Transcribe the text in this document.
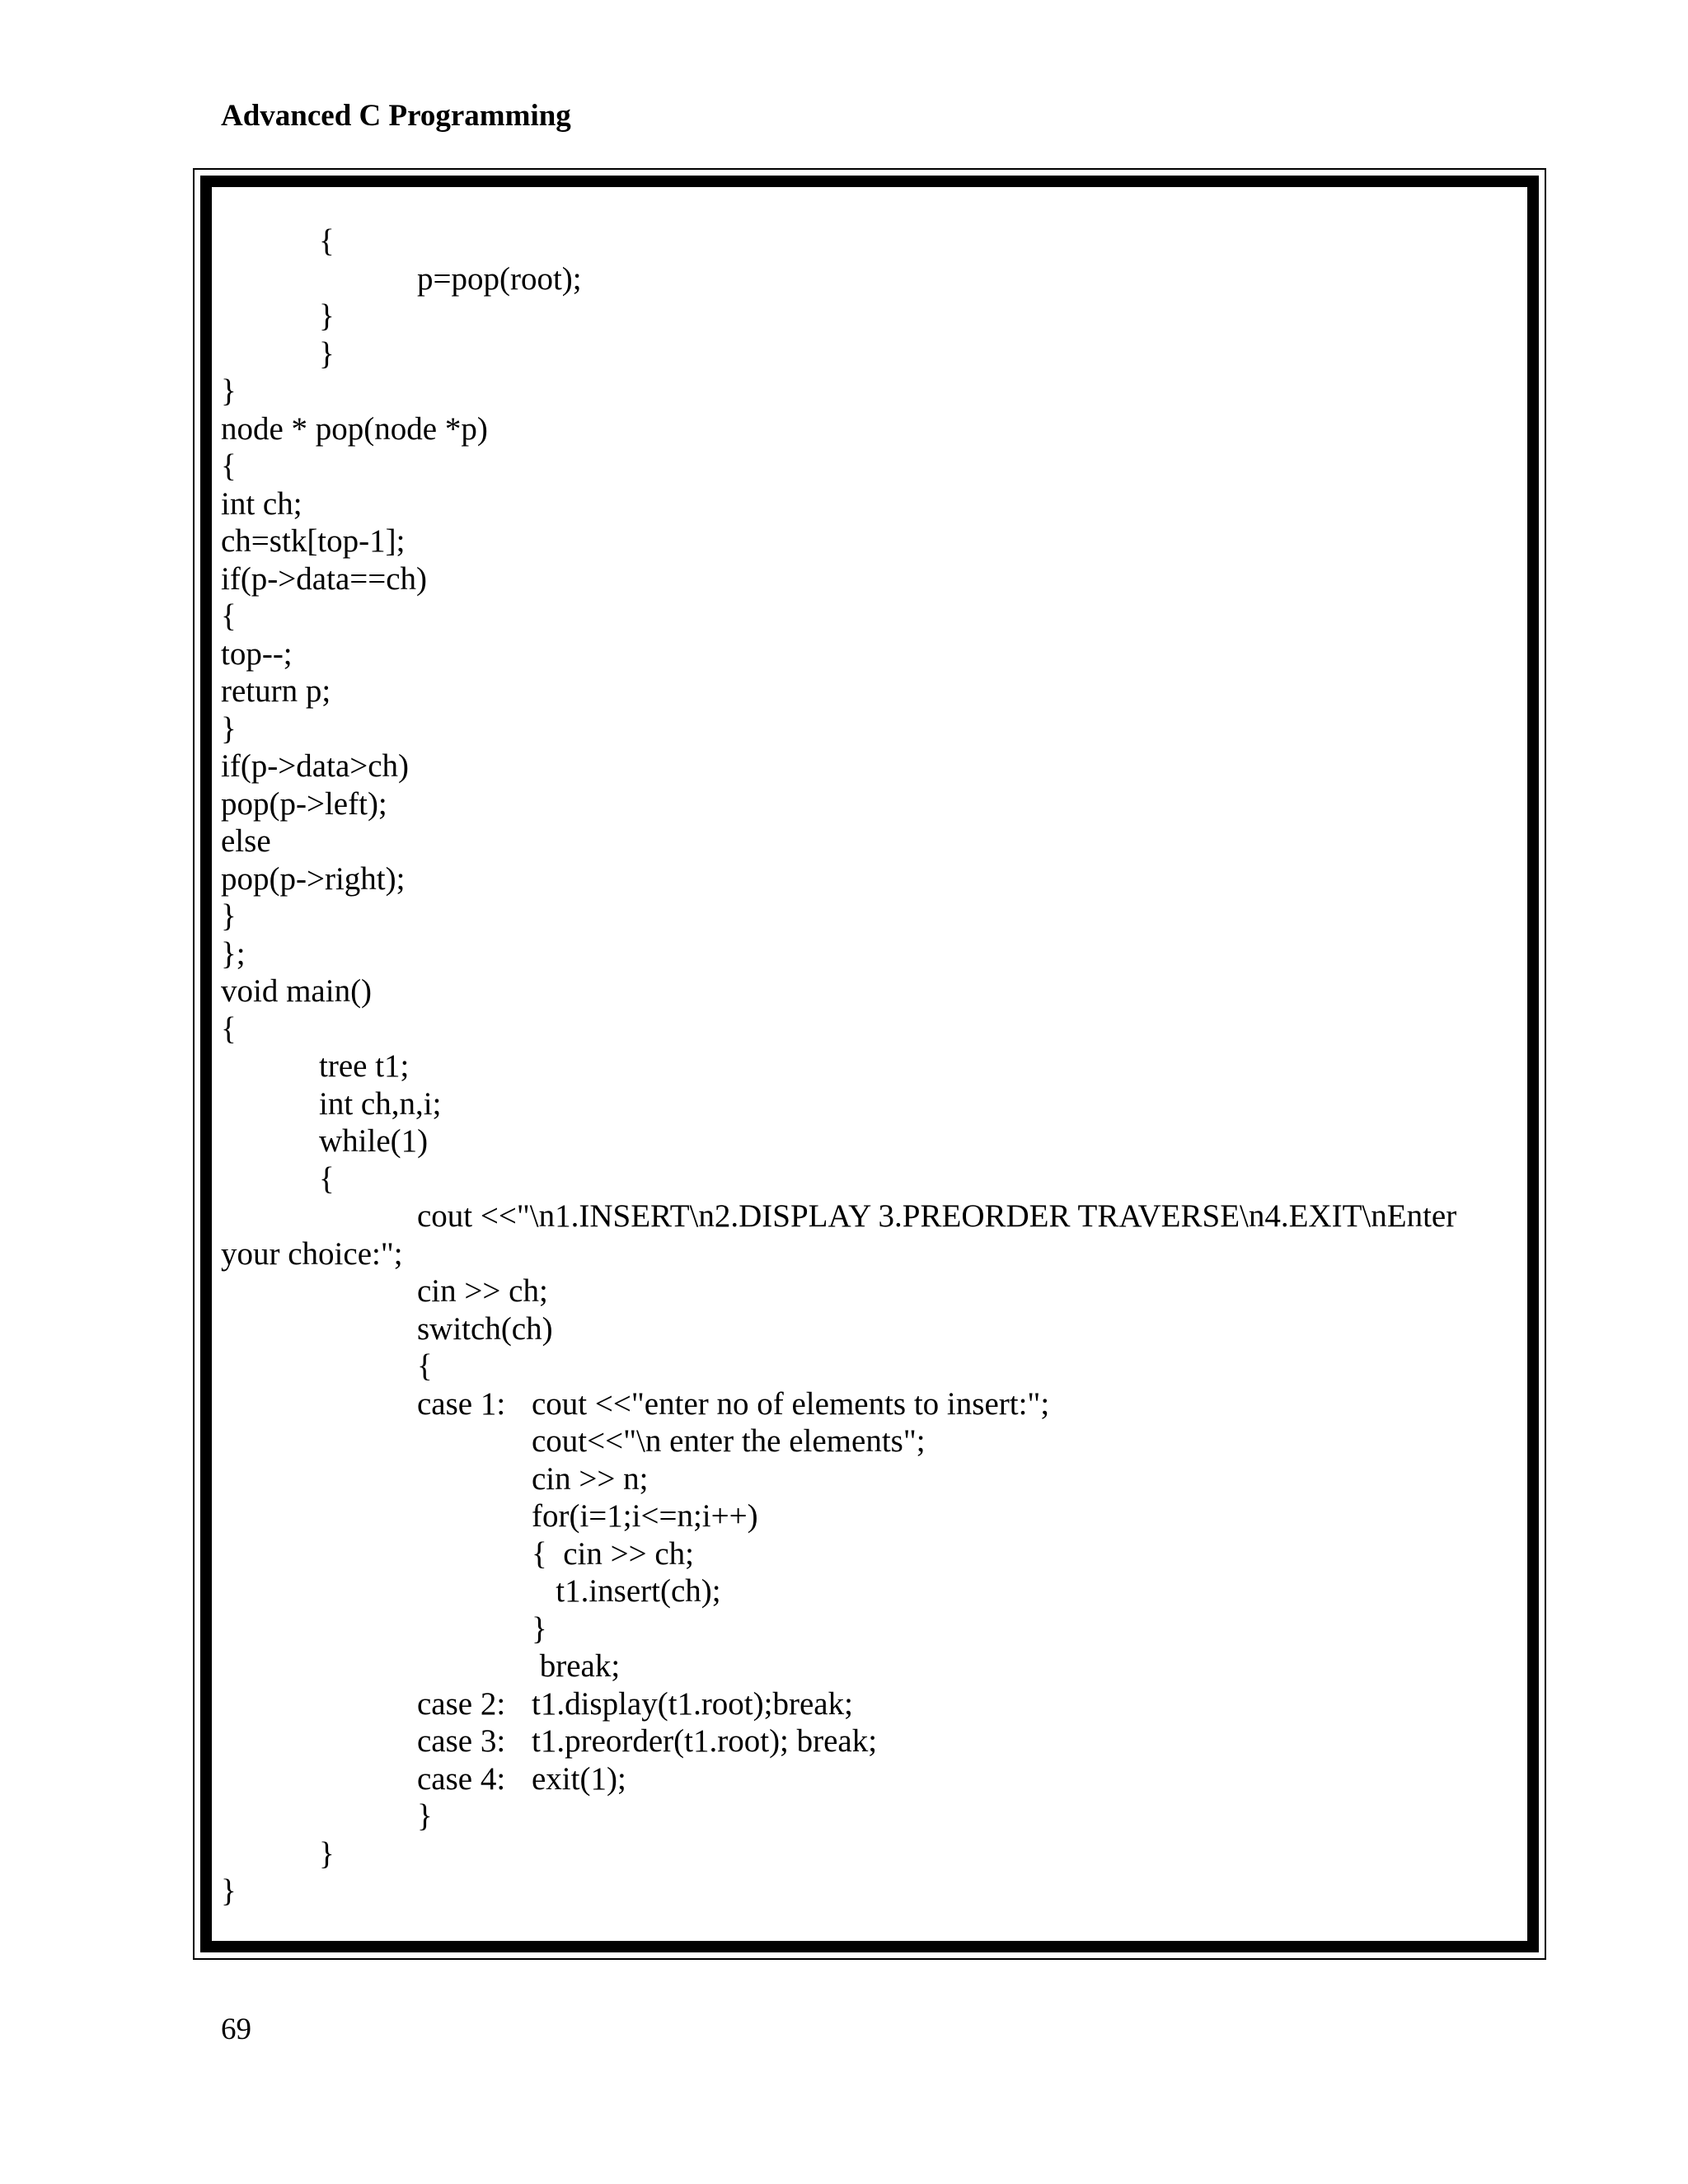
Advanced C Programming
{
p=pop(root);
}
}
}
node * pop(node *p)
{
int ch;
ch=stk[top-1];
if(p->data==ch)
{
top--;
return p;
}
if(p->data>ch)
pop(p->left);
else
pop(p->right);
}
};
void main()
{
tree t1;
int ch,n,i;
while(1)
{
cout <<"\n1.INSERT\n2.DISPLAY 3.PREORDER TRAVERSE\n4.EXIT\nEnter
your choice:";
cin >> ch;
switch(ch)
{
case 1: cout <<"enter no of elements to insert:";
cout<<"\n enter the elements";
cin >> n;
for(i=1;i<=n;i++)
{  cin >> ch;
t1.insert(ch);
}
break;
case 2: t1.display(t1.root);break;
case 3: t1.preorder(t1.root); break;
case 4: exit(1);
}
}
}
69
